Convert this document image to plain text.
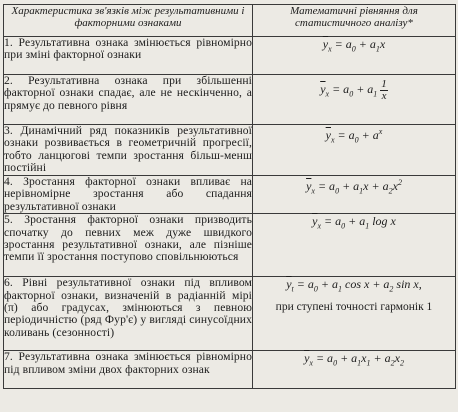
Характеристика зв'язків між результативними і факторними ознаками	Математичні рівняння для статистичного аналізу*
1. Результативна ознака змінюється рівномірно при зміні факторної ознаки	$\overline{y}_x = a_0 + a_1x$
2. Результативна ознака при збільшенні факторної ознаки спадає, але не нескінченно, а прямує до певного рівня	$\overline{y}_x = a_0 + a_1 \frac{1}{x}$

3. Динамічний ряд показників результативної ознаки розвивається в геометричній прогресії, тобто ланцюгові темпи зростання більш-менш постійні	$\overline{y}_x = a_0 + a^x$
4. Зростання факторної ознаки впливає на нерівномірне зростання або спадання результативної ознаки	$\overline{y}_x = a_0 + a_1x + a_2x^2$
5. Зростання факторної ознаки призводить спочатку до певних меж дуже швидкого зростання результативної ознаки, але пізніше темпи її зростання поступово сповільнюються	$\overline{y}_x = a_0 + a_1$ log x
6. Рівні результативної ознаки під впливом факторної ознаки, визначеній в радіанній мірі (π) або градусах, змінюються з певною періодичністю (ряд Фур'є) у вигляді синусоїдних коливань (сезонності)	$\overline{y}_t = a_0 + a_1$ $\cos x + a_2$ sin x,
при ступені точності гармонік 1

7. Результативна ознака змінюється рівномірно під впливом зміни двох факторних ознак	$\overline{y}_x = a_0 + a_1x_1 + a_2x_2$
